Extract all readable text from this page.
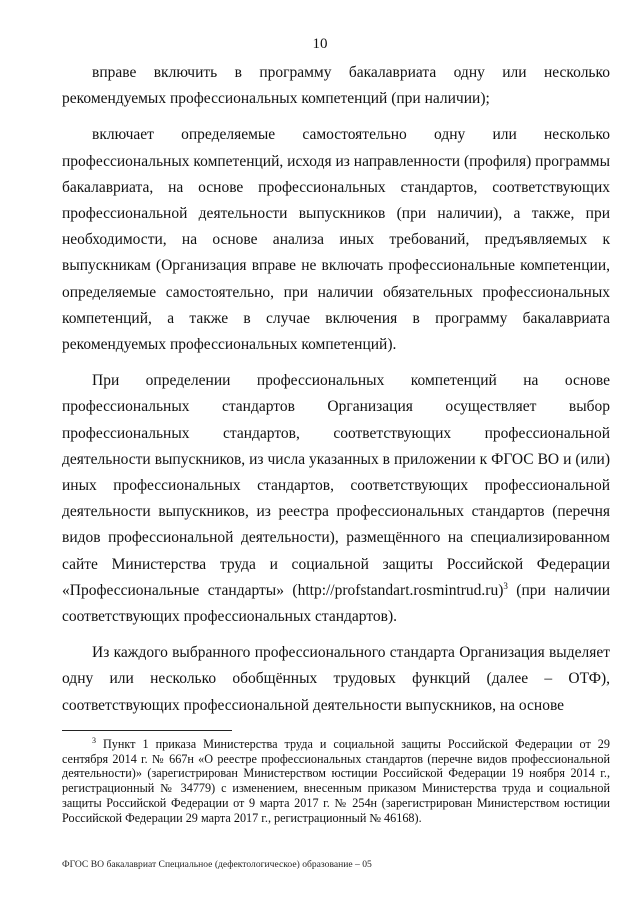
10

вправе включить в программу бакалавриата одну или несколько рекомендуемых профессиональных компетенций (при наличии);

включает определяемые самостоятельно одну или несколько профессиональных компетенций, исходя из направленности (профиля) программы бакалавриата, на основе профессиональных стандартов, соответствующих профессиональной деятельности выпускников (при наличии), а также, при необходимости, на основе анализа иных требований, предъявляемых к выпускникам (Организация вправе не включать профессиональные компетенции, определяемые самостоятельно, при наличии обязательных профессиональных компетенций, а также в случае включения в программу бакалавриата рекомендуемых профессиональных компетенций).

При определении профессиональных компетенций на основе профессиональных стандартов Организация осуществляет выбор профессиональных стандартов, соответствующих профессиональной деятельности выпускников, из числа указанных в приложении к ФГОС ВО и (или) иных профессиональных стандартов, соответствующих профессиональной деятельности выпускников, из реестра профессиональных стандартов (перечня видов профессиональной деятельности), размещённого на специализированном сайте Министерства труда и социальной защиты Российской Федерации «Профессиональные стандарты» (http://profstandart.rosmintrud.ru)$^3$ (при наличии соответствующих профессиональных стандартов).

Из каждого выбранного профессионального стандарта Организация выделяет одну или несколько обобщённых трудовых функций (далее – ОТФ), соответствующих профессиональной деятельности выпускников, на основе

$^3$ Пункт 1 приказа Министерства труда и социальной защиты Российской Федерации от 29 сентября 2014 г. № 667н «О реестре профессиональных стандартов (перечне видов профессиональной деятельности)» (зарегистрирован Министерством юстиции Российской Федерации 19 ноября 2014 г., регистрационный № 34779) с изменением, внесенным приказом Министерства труда и социальной защиты Российской Федерации от 9 марта 2017 г. № 254н (зарегистрирован Министерством юстиции Российской Федерации 29 марта 2017 г., регистрационный № 46168).
ФГОС ВО бакалавриат Специальное (дефектологическое) образование – 05
